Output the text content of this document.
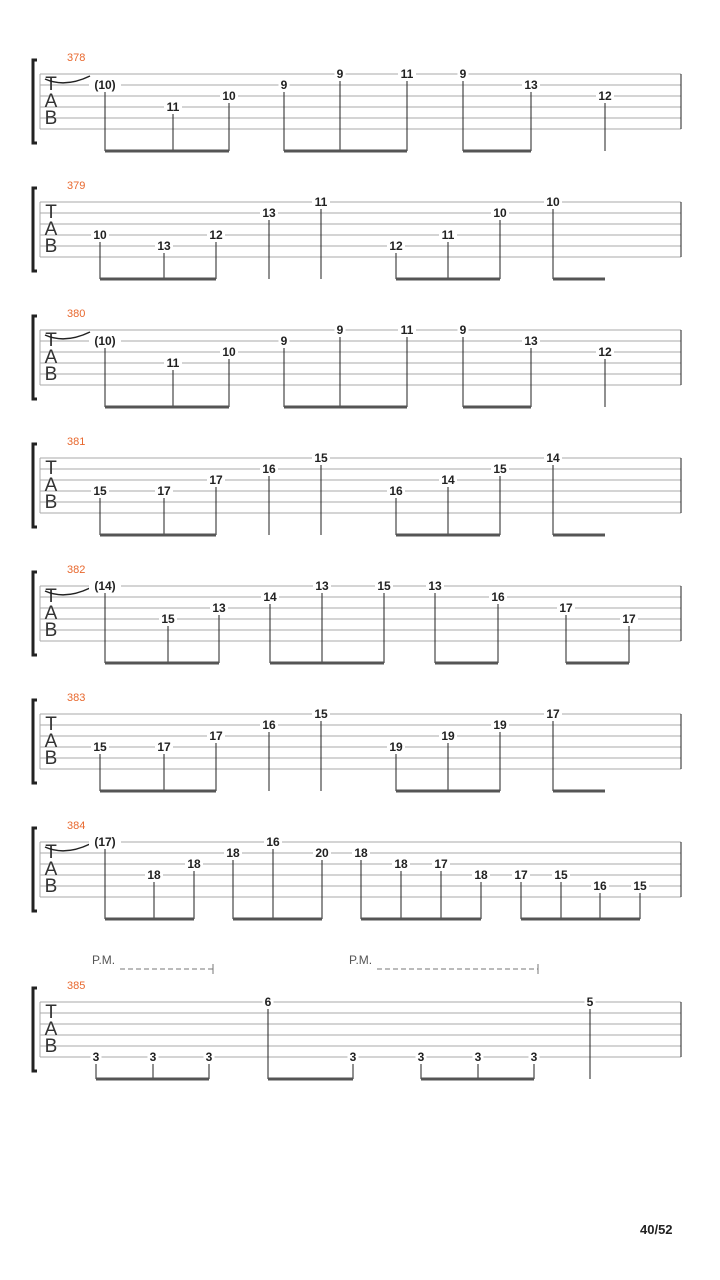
T
A
B
378
(10)
11
10
9
9	11	9
13
12
T
A
B
379
10
13
12
13
11
12
11
10
10
T
A
B
380
(10)
11
10
9
9	11	9
13
12
T
A
B
381
15	17
17
16
15
16
14
15
14
T
A
B
382
(14)
15
13
14
13	15	13
16
17
17
T
A
B
383
15	17
17
16
15
19
19
19
17
T
A
B
384
(17)
18
18
18
16
20 18
18 17
18 17 15
16 15
T
A
B
385
P.M.	P.M.
3	3	3
6
3	3	3	3
5
40/52
